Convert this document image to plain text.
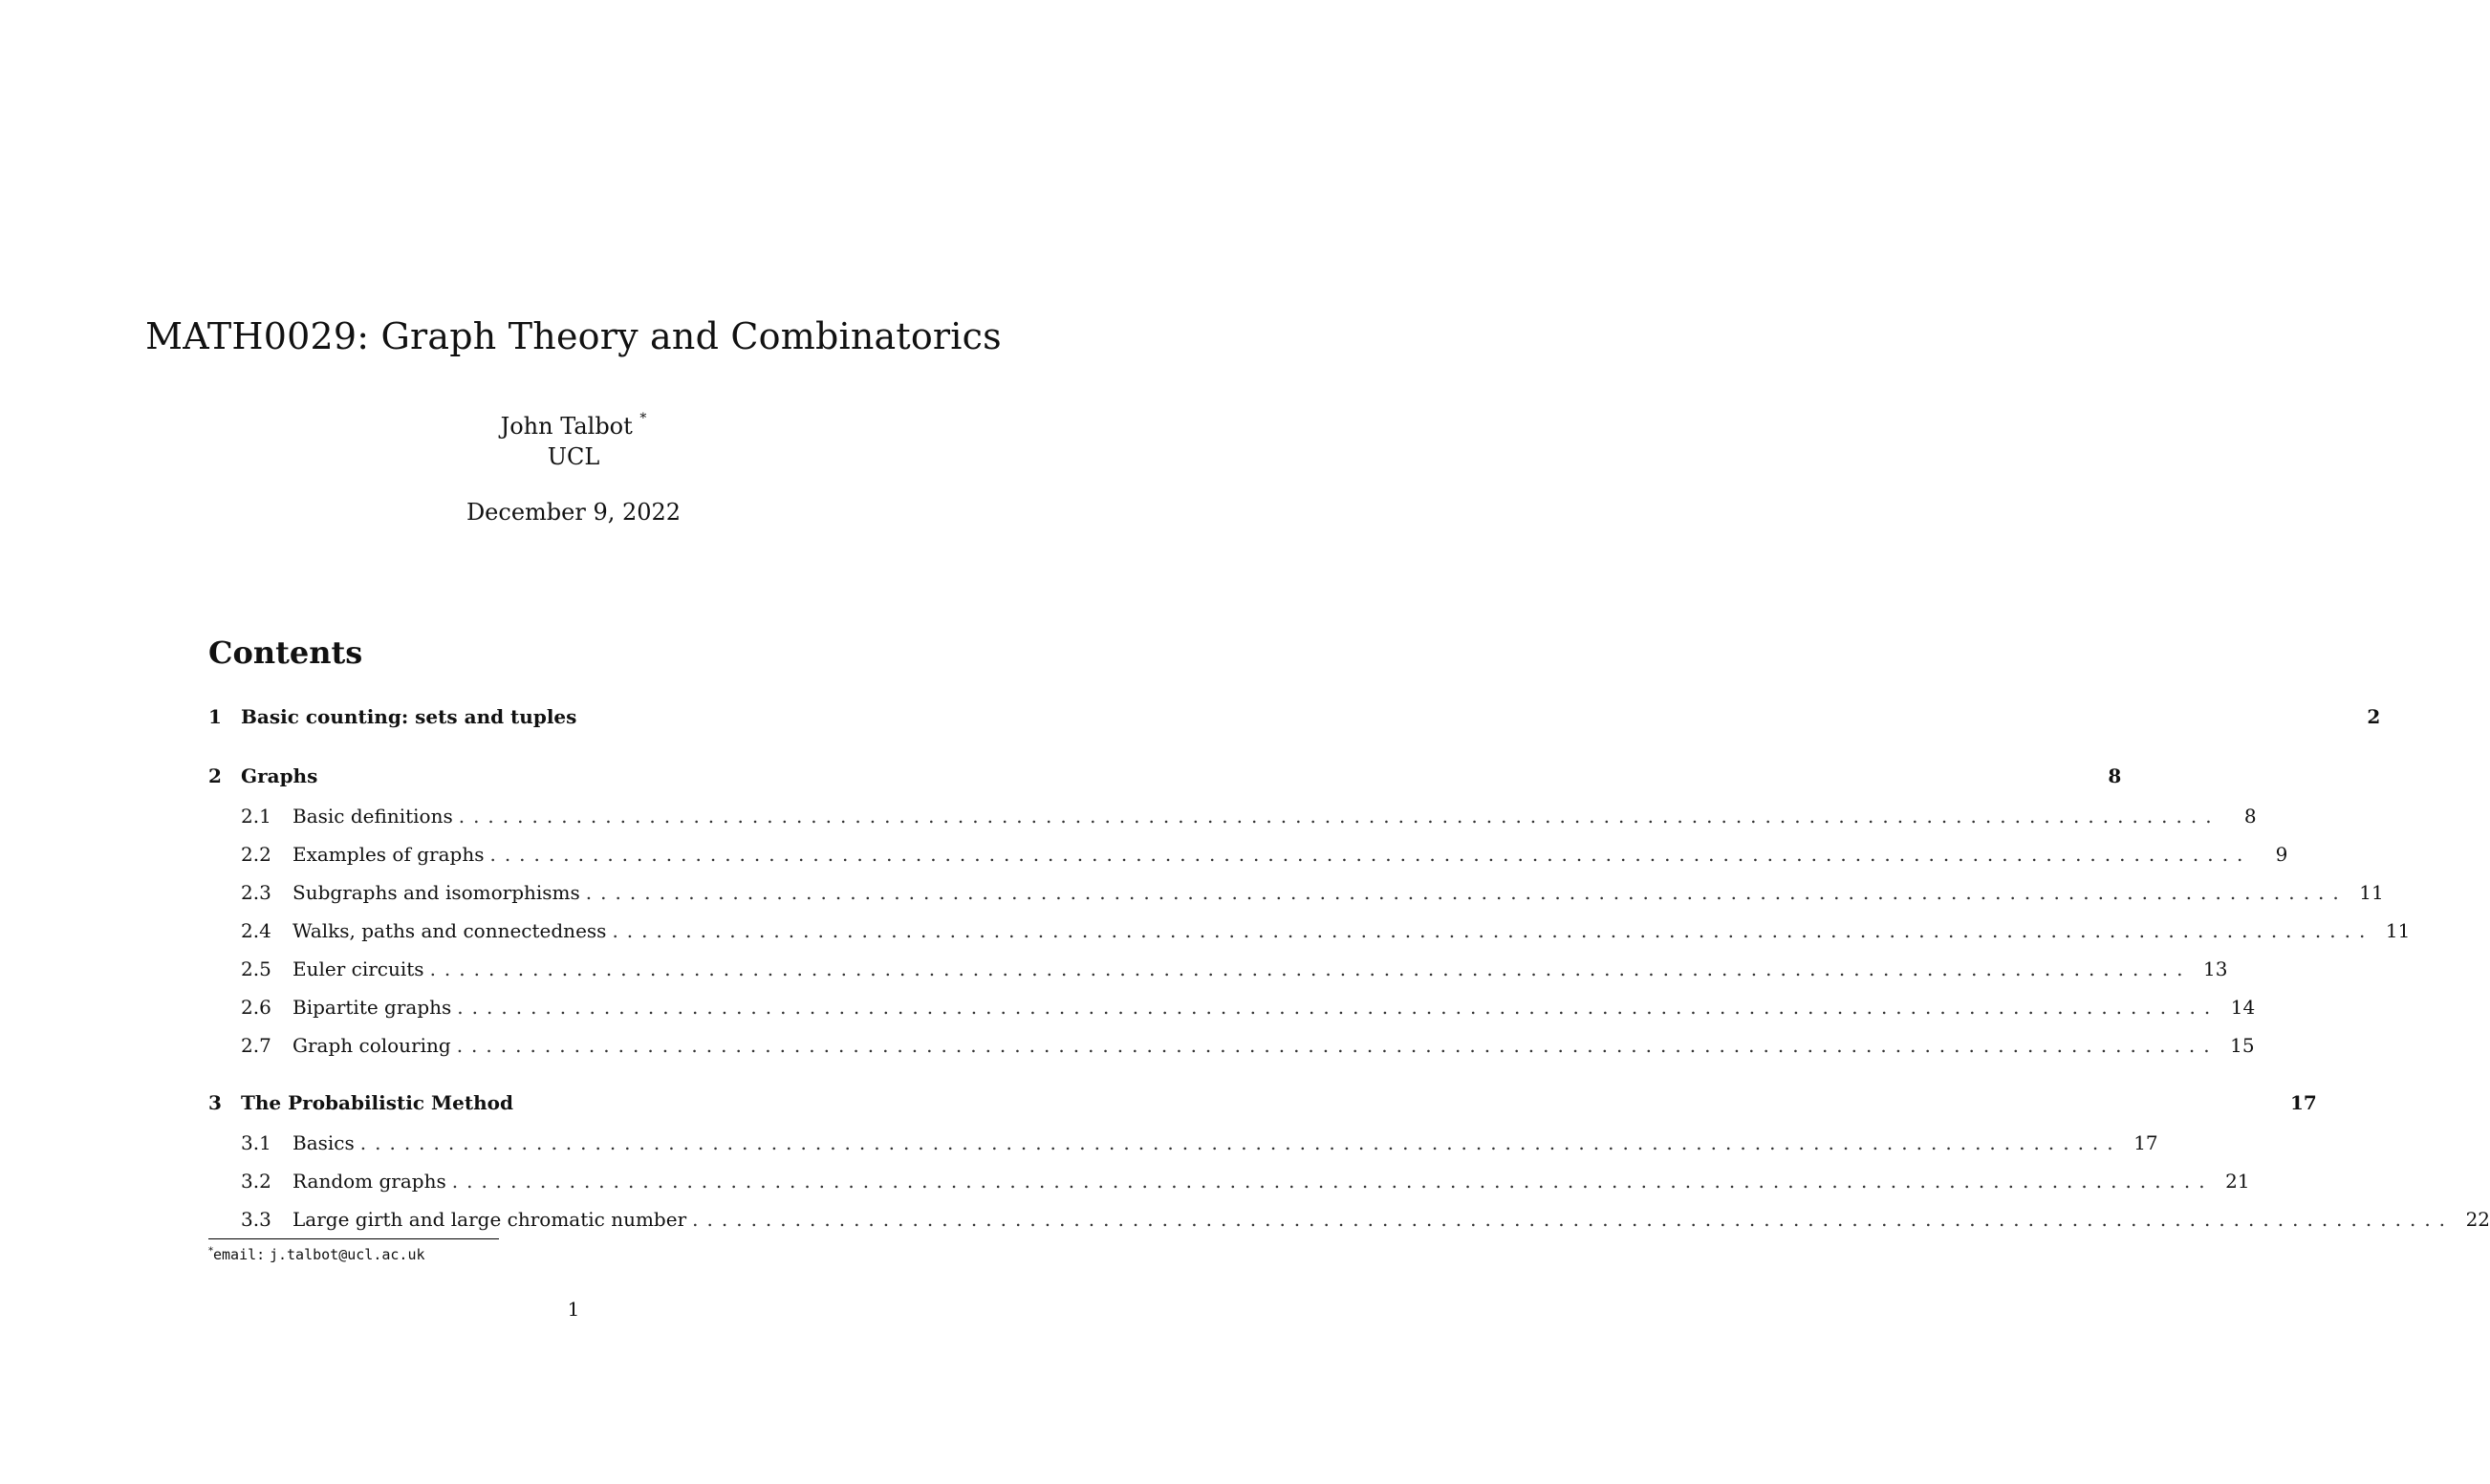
MATH0029: Graph Theory and Combinatorics
John Talbot *
UCL
December 9, 2022
Contents
1	Basic counting: sets and tuples	2
2	Graphs	8
2.1	Basic definitions ........................................................................................................................	8
2.2	Examples of graphs ........................................................................................................................	9
2.3	Subgraphs and isomorphisms ........................................................................................................................ 11
2.4	Walks, paths and connectedness ........................................................................................................................ 11
2.5	Euler circuits ........................................................................................................................ 13
2.6	Bipartite graphs ........................................................................................................................ 14
2.7	Graph colouring ........................................................................................................................ 15
3	The Probabilistic Method	17
3.1	Basics ........................................................................................................................ 17
3.2	Random graphs ........................................................................................................................ 21
3.3	Large girth and large chromatic number ........................................................................................................................ 22
*email: j.talbot@ucl.ac.uk
1
